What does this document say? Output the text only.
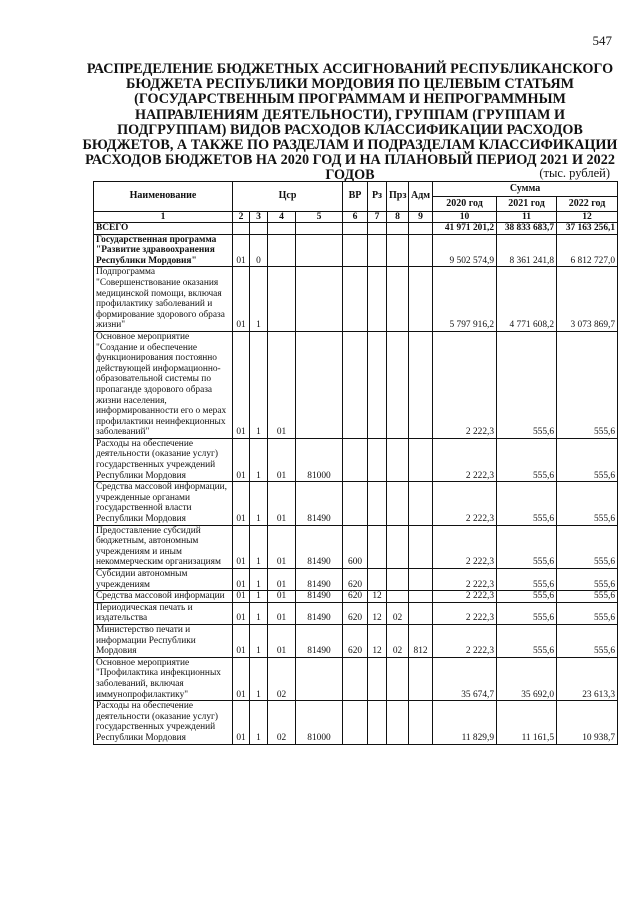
547
РАСПРЕДЕЛЕНИЕ БЮДЖЕТНЫХ АССИГНОВАНИЙ РЕСПУБЛИКАНСКОГО БЮДЖЕТА РЕСПУБЛИКИ МОРДОВИЯ ПО ЦЕЛЕВЫМ СТАТЬЯМ (ГОСУДАРСТВЕННЫМ ПРОГРАММАМ И НЕПРОГРАММНЫМ НАПРАВЛЕНИЯМ ДЕЯТЕЛЬНОСТИ), ГРУППАМ (ГРУППАМ И ПОДГРУППАМ) ВИДОВ РАСХОДОВ КЛАССИФИКАЦИИ РАСХОДОВ БЮДЖЕТОВ, А ТАКЖЕ ПО РАЗДЕЛАМ И ПОДРАЗДЕЛАМ КЛАССИФИКАЦИИ РАСХОДОВ БЮДЖЕТОВ НА 2020 ГОД И НА ПЛАНОВЫЙ ПЕРИОД 2021 И 2022 ГОДОВ	(тыс. рублей)
Наименование	Цср				ВР	Рз	Прз	Адм	Сумма		
									2020 год	2021 год	2022 год
1	2	3	4	5	6	7	8	9	10	11	12
ВСЕГО									41 971 201,2	38 833 683,7	37 163 256,1
Государственная программа "Развитие здравоохранения Республики Мордовия"	01	0							9 502 574,9	8 361 241,8	6 812 727,0
Подпрограмма "Совершенствование оказания медицинской помощи, включая профилактику заболеваний и формирование здорового образа жизни"	01	1							5 797 916,2	4 771 608,2	3 073 869,7
Основное мероприятие "Создание и обеспечение функционирования постоянно действующей информационно-образовательной системы по пропаганде здорового образа жизни населения, информированности его о мерах профилактики неинфекционных заболеваний"	01	1	01						2 222,3	555,6	555,6
Расходы на обеспечение деятельности (оказание услуг) государственных учреждений Республики Мордовия	01	1	01	81000					2 222,3	555,6	555,6
Средства массовой информации, учрежденные органами государственной власти Республики Мордовия	01	1	01	81490					2 222,3	555,6	555,6
Предоставление субсидий бюджетным, автономным учреждениям и иным некоммерческим организациям	01	1	01	81490	600				2 222,3	555,6	555,6
Субсидии автономным учреждениям	01	1	01	81490	620				2 222,3	555,6	555,6
Средства массовой информации	01	1	01	81490	620	12			2 222,3	555,6	555,6
Периодическая печать и издательства	01	1	01	81490	620	12	02		2 222,3	555,6	555,6
Министерство печати и информации Республики Мордовия	01	1	01	81490	620	12	02	812	2 222,3	555,6	555,6
Основное мероприятие "Профилактика инфекционных заболеваний, включая иммунопрофилактику"	01	1	02						35 674,7	35 692,0	23 613,3
Расходы на обеспечение деятельности (оказание услуг) государственных учреждений Республики Мордовия	01	1	02	81000					11 829,9	11 161,5	10 938,7
